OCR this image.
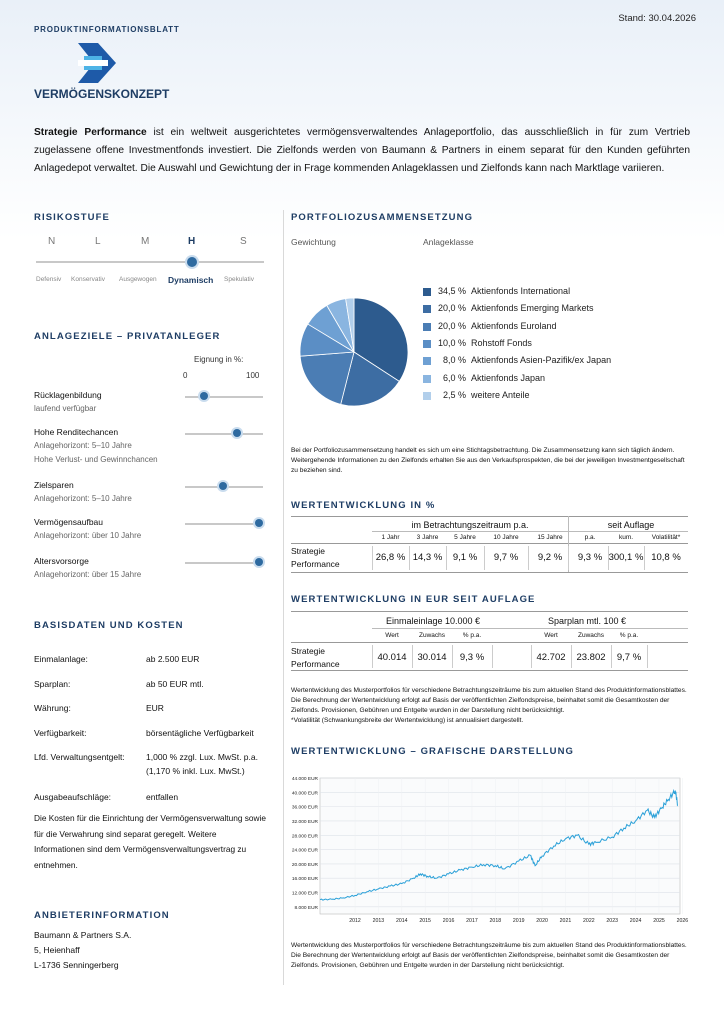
PRODUKTINFORMATIONSBLATT
Stand: 30.04.2026
VERMÖGENSKONZEPT
Strategie Performance ist ein weltweit ausgerichtetes vermögensverwaltendes Anlageportfolio, das ausschließlich in für zum Vertrieb zugelassene offene Investmentfonds investiert. Die Zielfonds werden von Baumann & Partners in einem separat für den Kunden geführten Anlagedepot verwaltet. Die Auswahl und Gewichtung der in Frage kommenden Anlageklassen und Zielfonds kann nach Marktlage variieren.
RISIKOSTUFE
N	L	M	H	S
Defensiv Konservativ Ausgewogen Dynamisch Spekulativ
ANLAGEZIELE – PRIVATANLEGER
Eignung in %:
0	100
Rücklagenbildung
laufend verfügbar
Hohe Renditechancen
Anlagehorizont: 5–10 Jahre
Hohe Verlust- und Gewinnchancen
Zielsparen
Anlagehorizont: 5–10 Jahre
Vermögensaufbau
Anlagehorizont: über 10 Jahre
Altersvorsorge
Anlagehorizont: über 15 Jahre
BASISDATEN UND KOSTEN
Einmalanlage:	ab 2.500 EUR
Sparplan:	ab 50 EUR mtl.
Währung:	EUR
Verfügbarkeit:	börsentägliche Verfügbarkeit
Lfd. Verwaltungsentgelt:	1,000 % zzgl. Lux. MwSt. p.a.
(1,170 % inkl. Lux. MwSt.)
Ausgabeaufschläge:	entfallen
Die Kosten für die Einrichtung der Vermögensverwaltung sowie für die Verwahrung sind separat geregelt. Weitere Informationen sind dem Vermögensverwaltungsvertrag zu entnehmen.
ANBIETERINFORMATION
Baumann & Partners S.A.
5, Heienhaff
L-1736 Senningerberg
PORTFOLIOZUSAMMENSETZUNG
Gewichtung	Anlageklasse
34,5 % Aktienfonds International
20,0 % Aktienfonds Emerging Markets
20,0 % Aktienfonds Euroland
10,0 % Rohstoff Fonds
8,0 % Aktienfonds Asien-Pazifik/ex Japan
6,0 % Aktienfonds Japan
2,5 % weitere Anteile
Bei der Portfoliozusammensetzung handelt es sich um eine Stichtagsbetrachtung. Die Zusammensetzung kann sich täglich ändern. Weitergehende Informationen zu den Zielfonds erhalten Sie aus den Verkaufsprospekten, die bei der jeweiligen Investmentgesellschaft zu beziehen sind.
WERTENTWICKLUNG IN %
im Betrachtungszeitraum p.a.	seit Auflage
1 Jahr	3 Jahre	5 Jahre	10 Jahre	15 Jahre	p.a.	kum.	Volatilität*
Strategie
Performance
26,8 % 14,3 %	9,1 %	9,7 %	9,2 %	9,3 % 300,1 % 10,8 %
WERTENTWICKLUNG IN EUR SEIT AUFLAGE
Einmaleinlage 10.000 €	Sparplan mtl. 100 €
Wert	Zuwachs	% p.a.	Wert	Zuwachs	% p.a.
Strategie
Performance
40.014	30.014	9,3 %	42.702	23.802	9,7 %
Wertentwicklung des Musterportfolios für verschiedene Betrachtungszeiträume bis zum aktuellen Stand des Produktinformationsblattes. Die Berechnung der Wertentwicklung erfolgt auf Basis der veröffentlichten Zielfondspreise, beinhaltet somit die Gesamtkosten der Zielfonds. Provisionen, Gebühren und Entgelte wurden in der Darstellung nicht berücksichtigt.
*Volatilität (Schwankungsbreite der Wertentwicklung) ist annualisiert dargestellt.
WERTENTWICKLUNG – GRAFISCHE DARSTELLUNG
8.000 EUR
12.000 EUR
16.000 EUR
20.000 EUR
24.000 EUR
28.000 EUR
32.000 EUR
36.000 EUR
40.000 EUR
44.000 EUR
2012 2013 2014 2015 2016 2017 2018 2019 2020 2021 2022 2023 2024 2025 2026
Wertentwicklung des Musterportfolios für verschiedene Betrachtungszeiträume bis zum aktuellen Stand des Produktinformationsblattes. Die Berechnung der Wertentwicklung erfolgt auf Basis der veröffentlichten Zielfondspreise, beinhaltet somit die Gesamtkosten der Zielfonds. Provisionen, Gebühren und Entgelte wurden in der Darstellung nicht berücksichtigt.
